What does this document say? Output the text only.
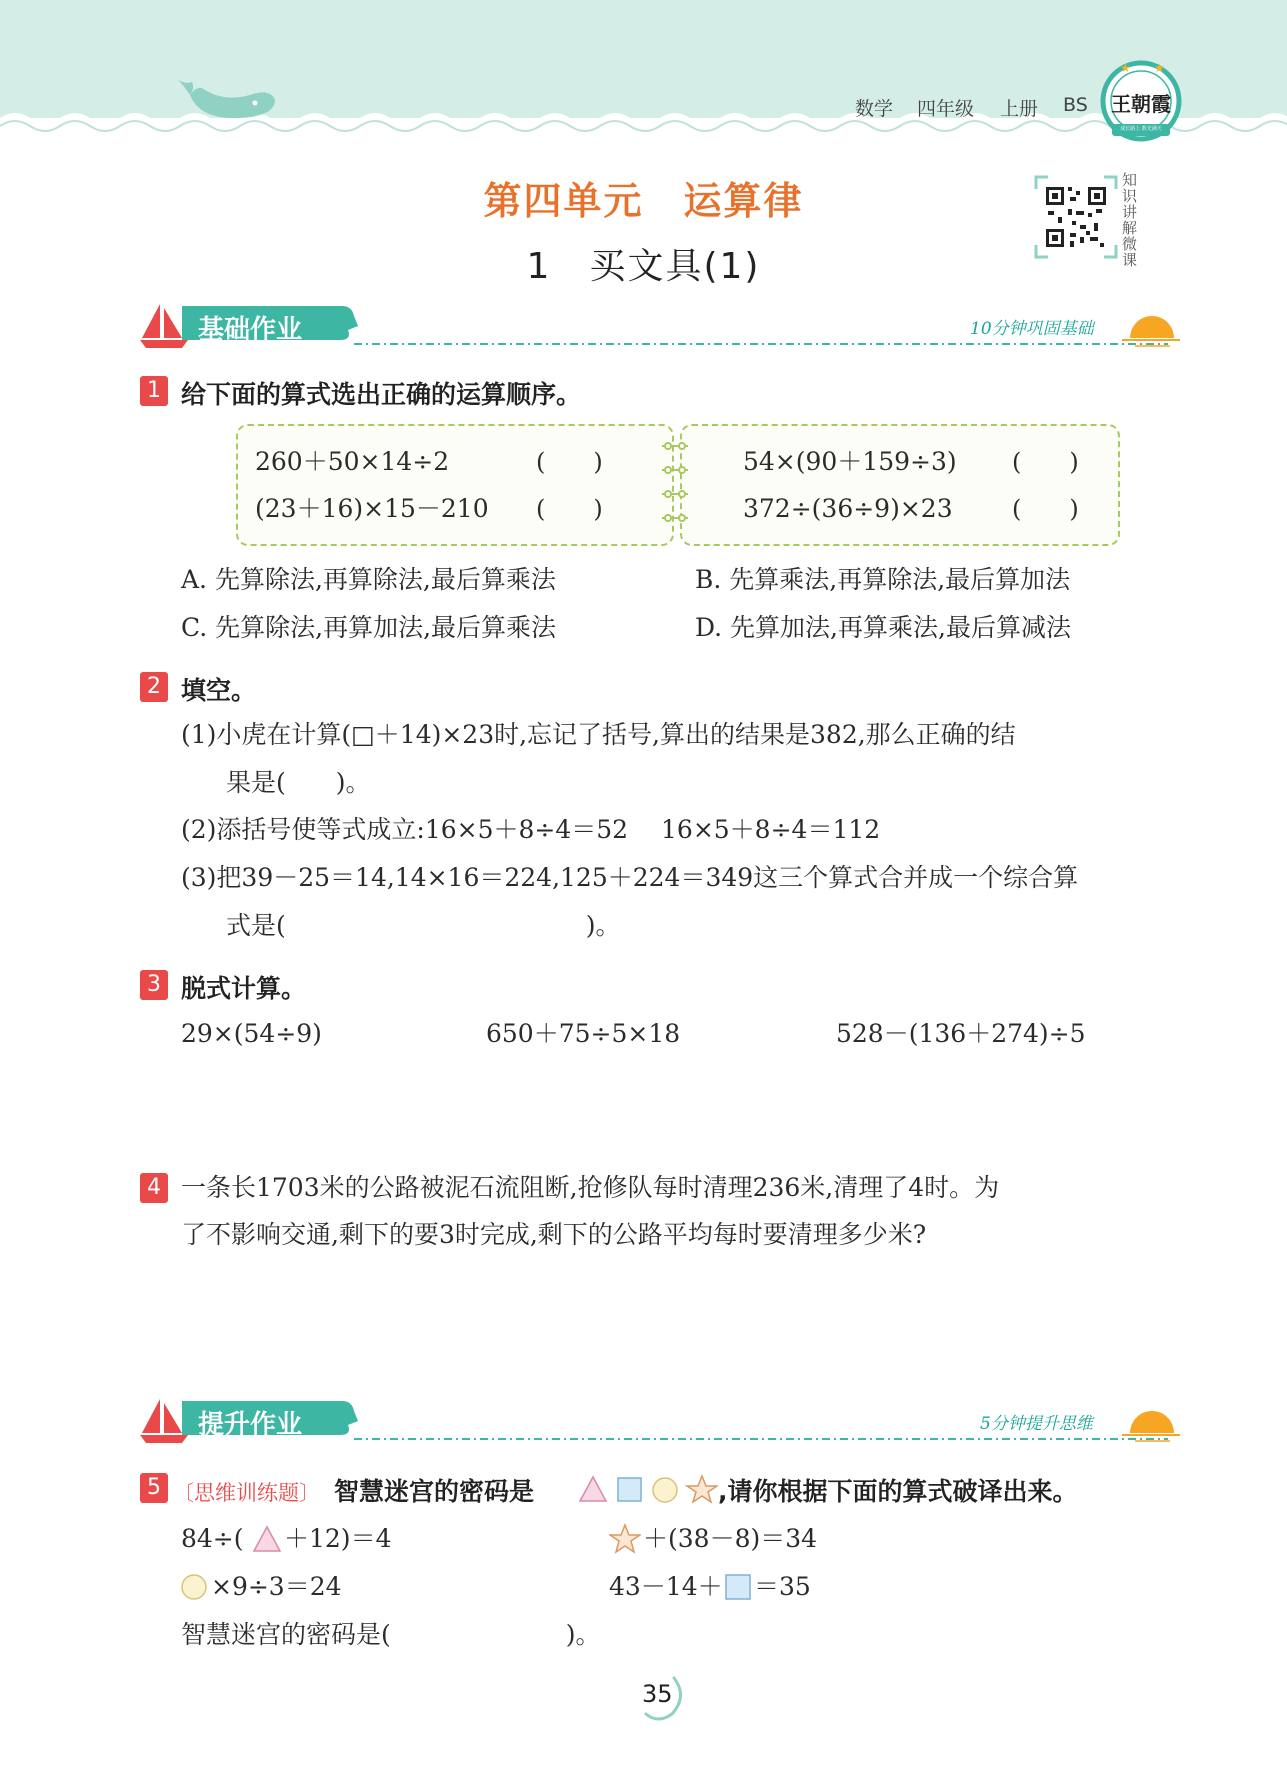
数学 四年级 上册 BS
★ ★
王朝霞
成长路上 数光满天
第四单元　运算律
1　买文具(1)
知识讲解微课
基础作业	10分钟巩固基础
1 给下面的算式选出正确的运算顺序。
260＋50×14÷2	(　　)
(23＋16)×15－210 (　　)
54×(90＋159÷3) (　　)
372÷(36÷9)×23 (　　)
A. 先算除法,再算除法,最后算乘法	B. 先算乘法,再算除法,最后算加法
C. 先算除法,再算加法,最后算乘法	D. 先算加法,再算乘法,最后算减法
2 填空。
(1)小虎在计算(□＋14)×23时,忘记了括号,算出的结果是382,那么正确的结
果是(　　)。
(2)添括号使等式成立:16×5＋8÷4＝52　 16×5＋8÷4＝112
(3)把39－25＝14,14×16＝224,125＋224＝349这三个算式合并成一个综合算
式是(　　　　　　　　　　　　)。
3 脱式计算。
29×(54÷9)	650＋75÷5×18	528－(136＋274)÷5
4 一条长1703米的公路被泥石流阻断,抢修队每时清理236米,清理了4时。为
了不影响交通,剩下的要3时完成,剩下的公路平均每时要清理多少米?
提升作业	5分钟提升思维
5 〔思维训练题〕 智慧迷宫的密码是	,请你根据下面的算式破译出来。
84÷( ＋12)＝4	＋(38－8)＝34
×9÷3＝24	43－14＋ ＝35
智慧迷宫的密码是(　　　　　　　)。
35
